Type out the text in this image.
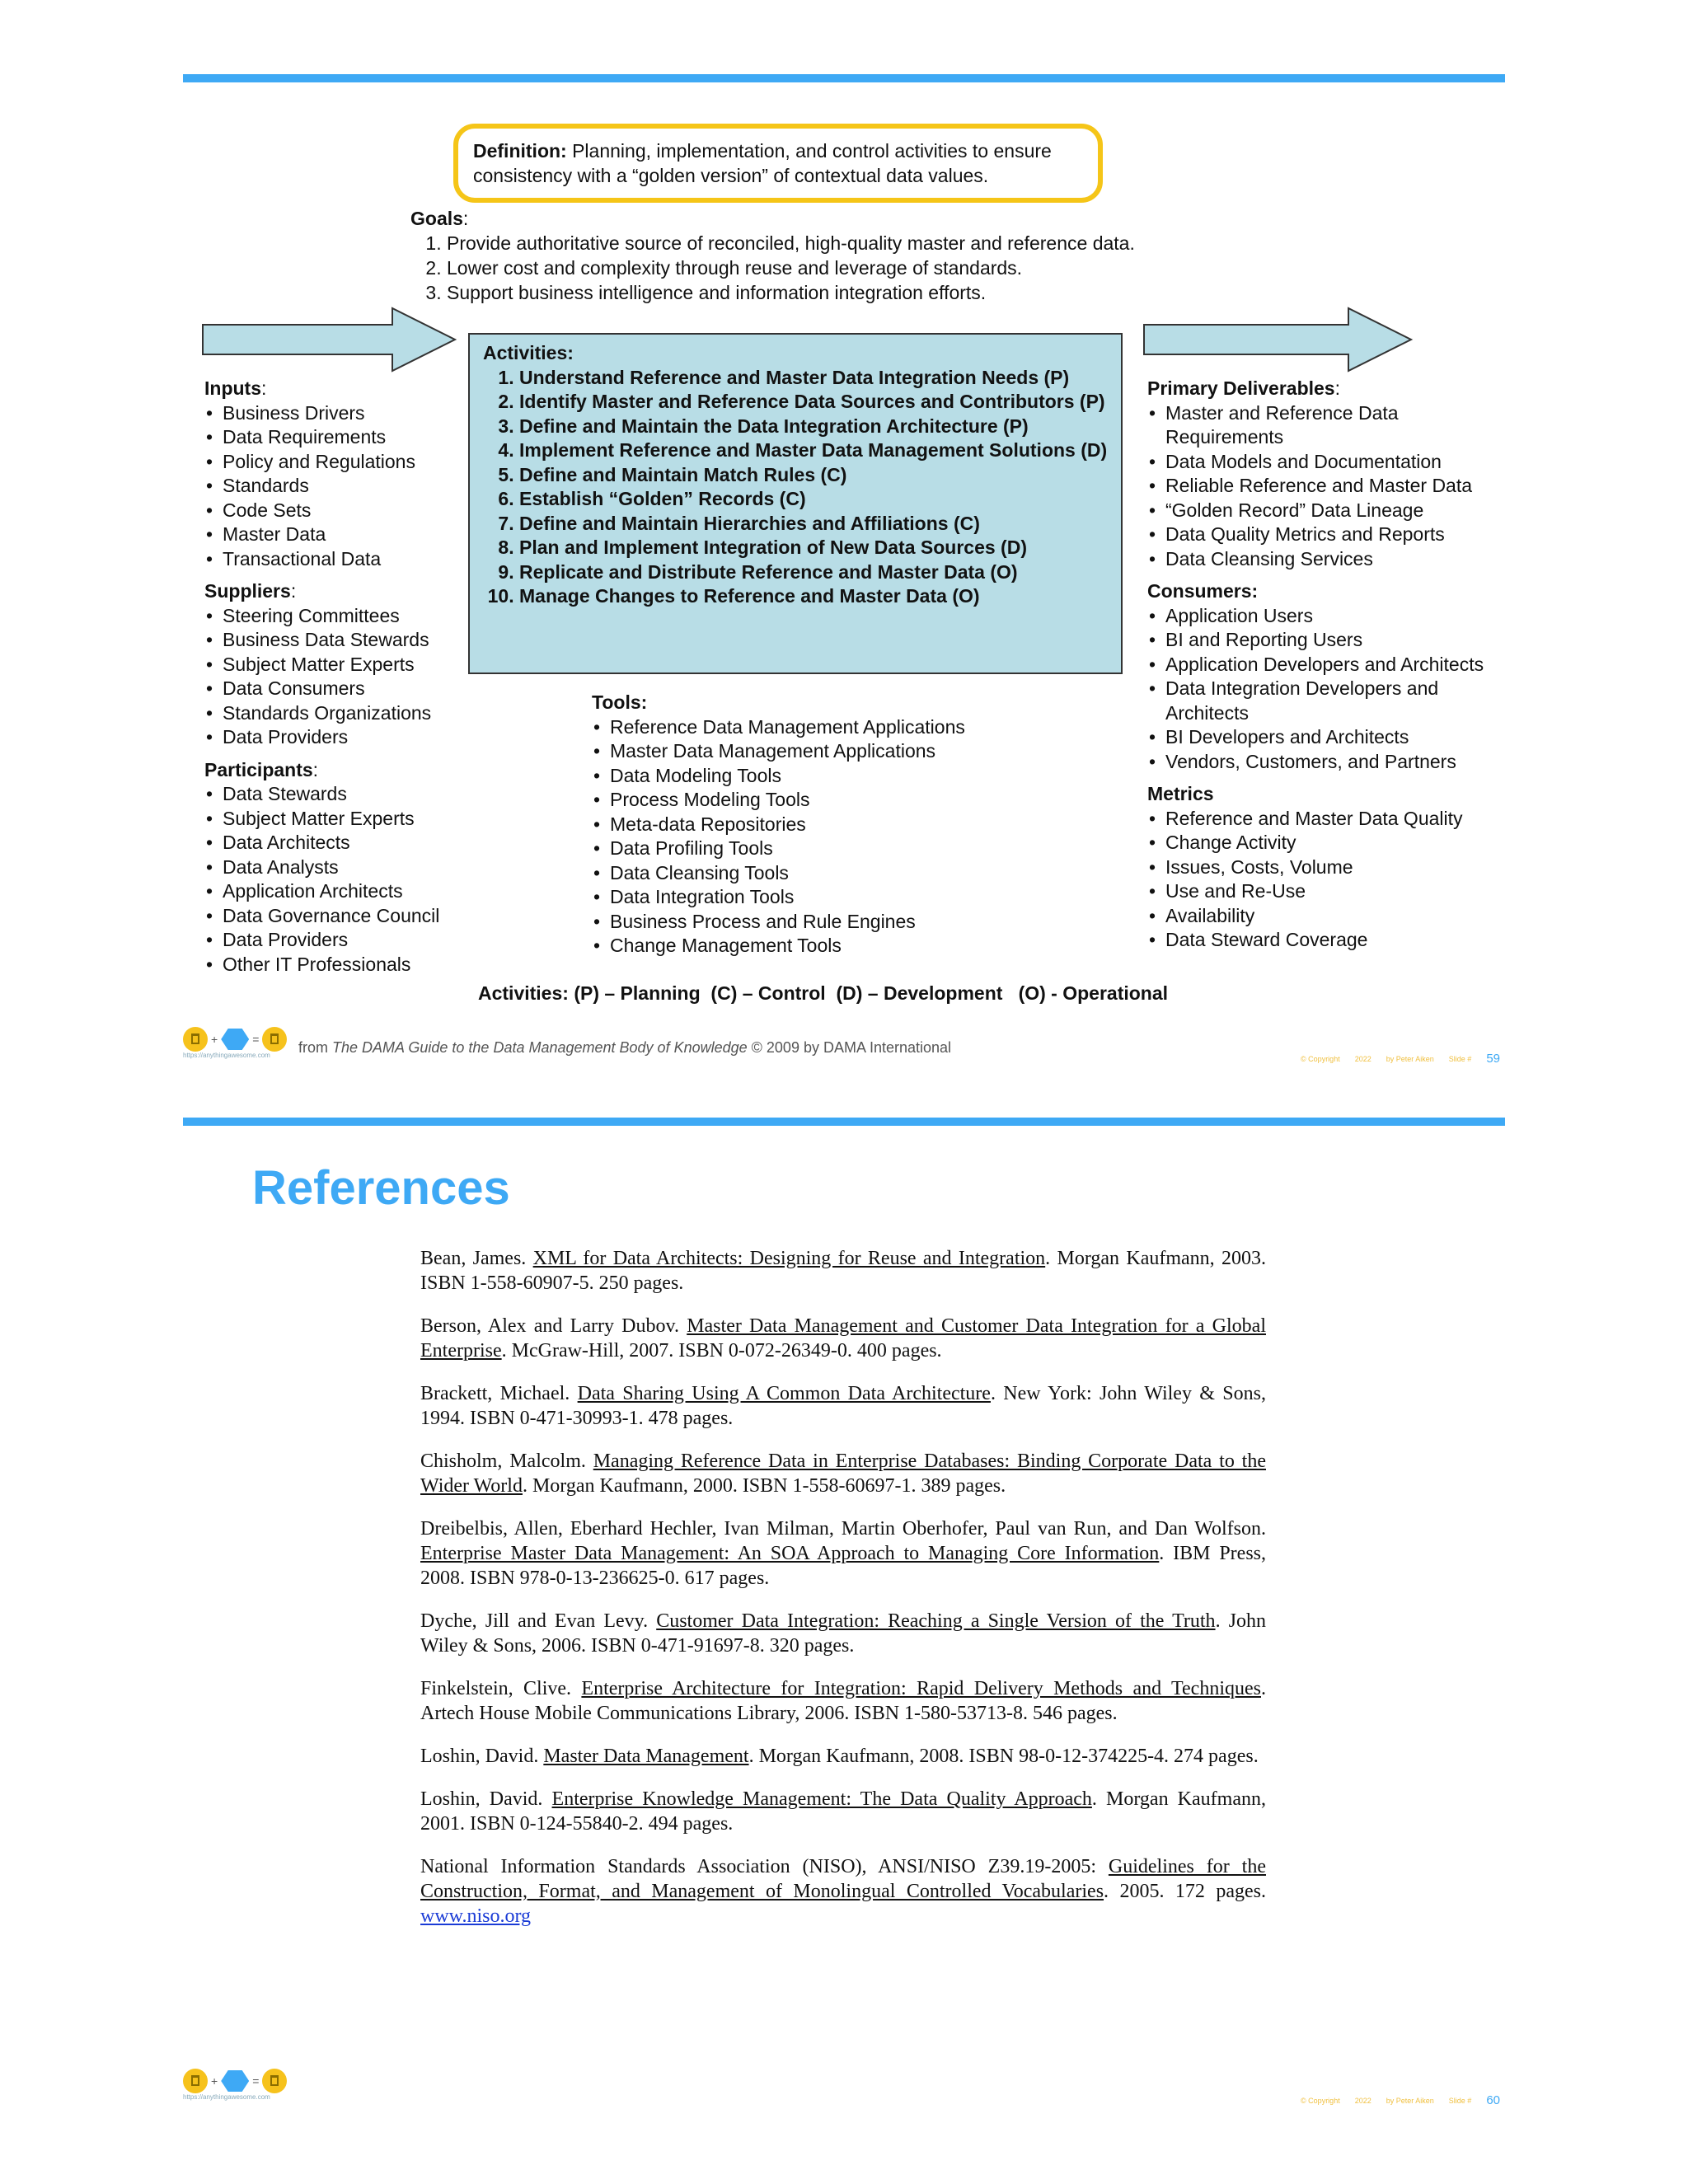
Definition: Planning, implementation, and control activities to ensure consistency with a “golden version” of contextual data values.
Goals:
1. Provide authoritative source of reconciled, high-quality master and reference data.
2. Lower cost and complexity through reuse and leverage of standards.
3. Support business intelligence and information integration efforts.
Activities:
1. Understand Reference and Master Data Integration Needs (P)
2. Identify Master and Reference Data Sources and Contributors (P)
3. Define and Maintain the Data Integration Architecture (P)
4. Implement Reference and Master Data Management Solutions (D)
5. Define and Maintain Match Rules (C)
6. Establish “Golden” Records (C)
7. Define and Maintain Hierarchies and Affiliations (C)
8. Plan and Implement Integration of New Data Sources (D)
9. Replicate and Distribute Reference and Master Data (O)
10. Manage Changes to Reference and Master Data (O)
Inputs:
• Business Drivers
• Data Requirements
• Policy and Regulations
• Standards
• Code Sets
• Master Data
• Transactional Data
Suppliers:
• Steering Committees
• Business Data Stewards
• Subject Matter Experts
• Data Consumers
• Standards Organizations
• Data Providers
Participants:
• Data Stewards
• Subject Matter Experts
• Data Architects
• Data Analysts
• Application Architects
• Data Governance Council
• Data Providers
• Other IT Professionals
Tools:
• Reference Data Management Applications
• Master Data Management Applications
• Data Modeling Tools
• Process Modeling Tools
• Meta-data Repositories
• Data Profiling Tools
• Data Cleansing Tools
• Data Integration Tools
• Business Process and Rule Engines
• Change Management Tools
Primary Deliverables:
• Master and Reference Data Requirements
• Data Models and Documentation
• Reliable Reference and Master Data
• “Golden Record” Data Lineage
• Data Quality Metrics and Reports
• Data Cleansing Services
Consumers:
• Application Users
• BI and Reporting Users
• Application Developers and Architects
• Data Integration Developers and Architects
• BI Developers and Architects
• Vendors, Customers, and Partners
Metrics
• Reference and Master Data Quality
• Change Activity
• Issues, Costs, Volume
• Use and Re-Use
• Availability
• Data Steward Coverage
Activities: (P) – Planning  (C) – Control  (D) – Development   (O) - Operational
+	=
https://anythingawesome.com	from The DAMA Guide to the Data Management Body of Knowledge © 2009 by DAMA International
© Copyright 2022 by Peter Aiken Slide # 59
References

Bean, James. XML for Data Architects: Designing for Reuse and Integration. Morgan Kaufmann, 2003. ISBN 1-558-60907-5. 250 pages.

Berson, Alex and Larry Dubov. Master Data Management and Customer Data Integration for a Global Enterprise. McGraw-Hill, 2007. ISBN 0-072-26349-0. 400 pages.

Brackett, Michael. Data Sharing Using A Common Data Architecture. New York: John Wiley & Sons, 1994. ISBN 0-471-30993-1. 478 pages.

Chisholm, Malcolm. Managing Reference Data in Enterprise Databases: Binding Corporate Data to the Wider World. Morgan Kaufmann, 2000. ISBN 1-558-60697-1. 389 pages.

Dreibelbis, Allen, Eberhard Hechler, Ivan Milman, Martin Oberhofer, Paul van Run, and Dan Wolfson. Enterprise Master Data Management: An SOA Approach to Managing Core Information. IBM Press, 2008. ISBN 978-0-13-236625-0. 617 pages.

Dyche, Jill and Evan Levy. Customer Data Integration: Reaching a Single Version of the Truth. John Wiley & Sons, 2006. ISBN 0-471-91697-8. 320 pages.

Finkelstein, Clive. Enterprise Architecture for Integration: Rapid Delivery Methods and Techniques. Artech House Mobile Communications Library, 2006. ISBN 1-580-53713-8. 546 pages.

Loshin, David. Master Data Management. Morgan Kaufmann, 2008. ISBN 98-0-12-374225-4. 274 pages.

Loshin, David. Enterprise Knowledge Management: The Data Quality Approach. Morgan Kaufmann, 2001. ISBN 0-124-55840-2. 494 pages.

National Information Standards Association (NISO), ANSI/NISO Z39.19-2005: Guidelines for the Construction, Format, and Management of Monolingual Controlled Vocabularies. 2005. 172 pages. www.niso.org

+	=
https://anythingawesome.com	© Copyright 2022 by Peter Aiken Slide # 60
